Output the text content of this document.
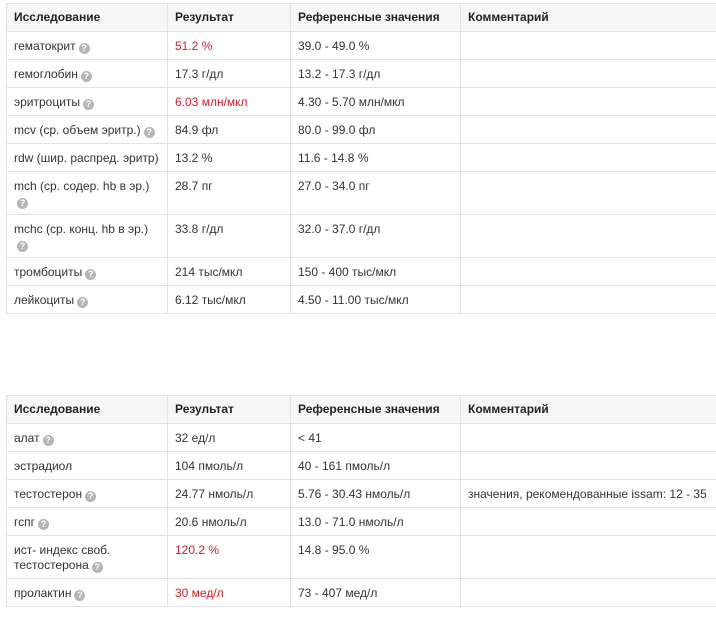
Исследование	Результат	Референсные значения	Комментарий
гематокрит ?	51.2 %	39.0 - 49.0 %	
гемоглобин ?	17.3 г/дл	13.2 - 17.3 г/дл	
эритроциты ?	6.03 млн/мкл	4.30 - 5.70 млн/мкл	
mcv (ср. объем эритр.) ?	84.9 фл	80.0 - 99.0 фл	
rdw (шир. распред. эритр)	13.2 %	11.6 - 14.8 %	
mch (ср. содер. hb в эр.)?	28.7 пг	27.0 - 34.0 пг	
mchc (ср. конц. hb в эр.)?	33.8 г/дл	32.0 - 37.0 г/дл	
тромбоциты ?	214 тыс/мкл	150 - 400 тыс/мкл	
лейкоциты ?	6.12 тыс/мкл	4.50 - 11.00 тыс/мкл	
Исследование	Результат	Референсные значения	Комментарий
алат ?	32 ед/л	< 41	
эстрадиол	104 пмоль/л	40 - 161 пмоль/л	
тестостерон ?	24.77 нмоль/л	5.76 - 30.43 нмоль/л	значения, рекомендованные issam: 12 - 35
гспг ?	20.6 нмоль/л	13.0 - 71.0 нмоль/л	
ист- индекс своб. тестостерона ?	120.2 %	14.8 - 95.0 %	
пролактин ?	30 мед/л	73 - 407 мед/л	
